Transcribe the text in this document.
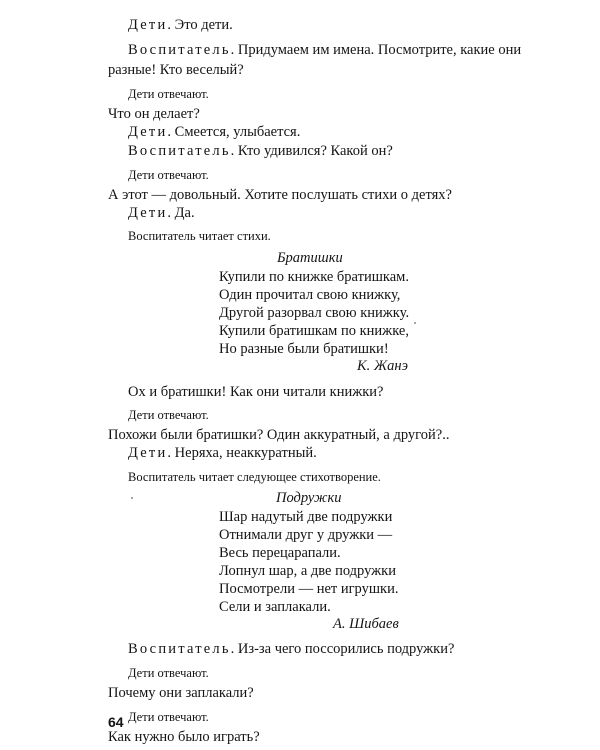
Дети. Это дети.
Воспитатель. Придумаем им имена. Посмотрите, какие они
разные! Кто веселый?
Дети отвечают.
Что он делает?
Дети. Смеется, улыбается.
Воспитатель. Кто удивился? Какой он?
Дети отвечают.
А этот — довольный. Хотите послушать стихи о детях?
Дети. Да.
Воспитатель читает стихи.
Братишки
Купили по книжке братишкам.
Один прочитал свою книжку,
Другой разорвал свою книжку.
Купили братишкам по книжке,
Но разные были братишки!
К. Жанэ
Ох и братишки! Как они читали книжки?
Дети отвечают.
Похожи были братишки? Один аккуратный, а другой?..
Дети. Неряха, неаккуратный.
Воспитатель читает следующее стихотворение.
Подружки
Шар надутый две подружки
Отнимали друг у дружки —
Весь перецарапали.
Лопнул шар, а две подружки
Посмотрели — нет игрушки.
Сели и заплакали.
А. Шибаев
Воспитатель. Из-за чего поссорились подружки?
Дети отвечают.
Почему они заплакали?
Дети отвечают.
Как нужно было играть?
64
